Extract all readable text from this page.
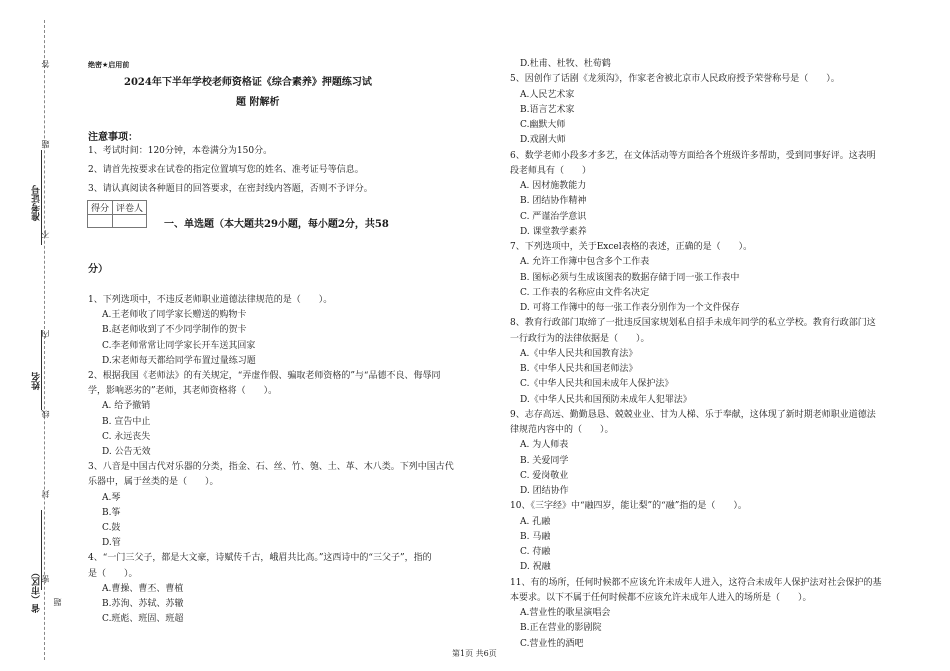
答
题
不
内
线
封
密
准考证号
姓名
省（市区） 题
绝密★启用前
2024年下半年学校老师资格证《综合素养》押题练习试
题 附解析
注意事项：
1、考试时间：120分钟，本卷满分为150分。
2、请首先按要求在试卷的指定位置填写您的姓名、准考证号等信息。
3、请认真阅读各种题目的回答要求，在密封线内答题，否则不予评分。
得分	评卷人

一、单选题（本大题共29小题，每小题2分，共58
分）
1、下列选项中，不违反老师职业道德法律规范的是（　　）。
A.王老师收了同学家长赠送的购物卡
B.赵老师收到了不少同学制作的贺卡
C.李老师常常让同学家长开车送其回家
D.宋老师每天都给同学布置过量练习题
2、根据我国《老师法》的有关规定，“弄虚作假、骗取老师资格的”与“品德不良、侮辱同
学，影响恶劣的”老师，其老师资格将（　　）。
A. 给予撤销
B. 宣告中止
C. 永远丧失
D. 公告无效
3、八音是中国古代对乐器的分类，指金、石、丝、竹、匏、土、革、木八类。下列中国古代
乐器中，属于丝类的是（　　）。
A.琴
B.筝
C.鼓
D.管
4、“一门三父子，都是大文豪，诗赋传千古，峨眉共比高。”这西诗中的“三父子”，指的
是（　　）。
A.曹操、曹丕、曹植
B.苏洵、苏轼、苏辙
C.班彪、班固、班超
D.杜甫、杜牧、杜荀鹤
5、因创作了话剧《龙须沟》，作家老舍被北京市人民政府授予荣誉称号是（　　）。
A.人民艺术家
B.语言艺术家
C.幽默大师
D.戏剧大师
6、数学老师小段多才多艺，在文体活动等方面给各个班级许多帮助，受到同事好评。这表明
段老师具有（　　）
A. 因材施教能力
B. 团结协作精神
C. 严谨治学意识
D. 课堂教学素养
7、下列选项中，关于Excel表格的表述，正确的是（　　）。
A. 允许工作簿中包含多个工作表
B. 图标必须与生成该图表的数据存储于同一张工作表中
C. 工作表的名称应由文件名决定
D. 可将工作簿中的每一张工作表分别作为一个文件保存
8、教育行政部门取缔了一批违反国家规划私自招手未成年同学的私立学校。教育行政部门这
一行政行为的法律依据是（　　）。
A.《中华人民共和国教育法》
B.《中华人民共和国老师法》
C.《中华人民共和国未成年人保护法》
D.《中华人民共和国预防未成年人犯罪法》
9、志存高远、勤勤恳恳、兢兢业业、甘为人梯、乐于奉献，这体现了新时期老师职业道德法
律规范内容中的（　　）。
A. 为人师表
B. 关爱同学
C. 爱岗敬业
D. 团结协作
10、《三字经》中“融四岁，能让梨”的“融”指的是（　　）。
A. 孔融
B. 马融
C. 苻融
D. 祝融
11、有的场所，任何时候都不应该允许未成年人进入，这符合未成年人保护法对社会保护的基
本要求。以下不属于任何时候都不应该允许未成年人进入的场所是（　　）。
A.营业性的歌星演唱会
B.正在营业的影剧院
C.营业性的酒吧
第1页 共6页
